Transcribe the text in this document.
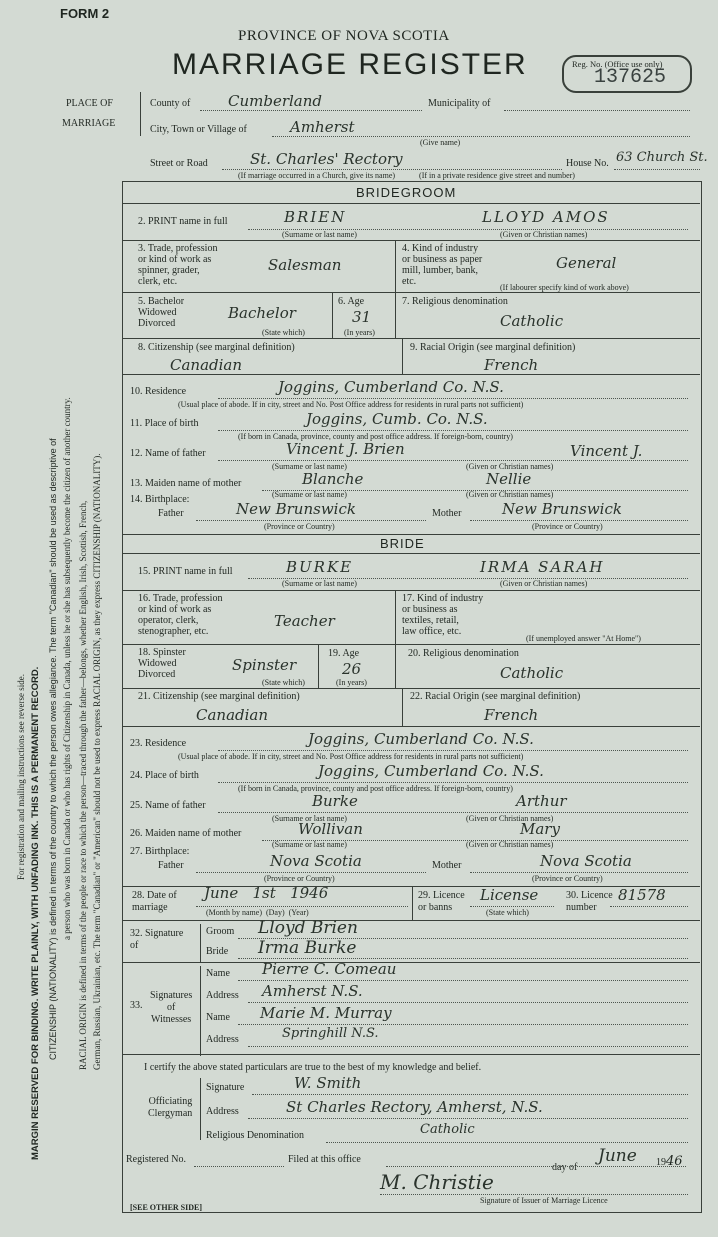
FORM 2
PROVINCE OF NOVA SCOTIA
MARRIAGE REGISTER	Reg. No. (Office use only)
137625
For registration and mailing instructions see reverse side. MARGIN RESERVED FOR BINDING. WRITE PLAINLY, WITH UNFADING INK. THIS IS A PERMANENT RECORD. CITIZENSHIP (NATIONALITY) is defined in terms of the country to which the person owes allegiance. The term "Canadian" should be used as descriptive of a person who was born in Canada or who has rights of Citizenship in Canada, unless he or she has subsequently become the citizen of another country. RACIAL ORIGIN is defined in terms of the people or race to which the person—traced through the father—belongs, whether English, Irish, Scottish, French, German, Russian, Ukrainian, etc. The term "Canadian" or "American" should not be used to express RACIAL ORIGIN, as they express CITIZENSHIP (NATIONALITY).
PLACE OF
MARRIAGE
County of	Cumberland	Municipality of
City, Town or Village of	Amherst
(Give name)
Street or Road	St. Charles' Rectory	House No. 63 Church St.
(If marriage occurred in a Church, give its name)            (If in a private residence give street and number)
BRIDEGROOM
2. PRINT name in full	BRIEN	LLOYD AMOS
(Surname or last name)	(Given or Christian names)
3. Trade, profession
or kind of work as
spinner, grader,
clerk, etc.
Salesman
4. Kind of industry
or business as paper
mill, lumber, bank,
etc.
General
(If labourer specify kind of work above)
5. Bachelor
Widowed
Divorced
Bachelor
(State which)
6. Age
31
(In years)
7. Religious denomination
Catholic
8. Citizenship (see marginal definition)
Canadian
9. Racial Origin (see marginal definition)
French
10. Residence	Joggins, Cumberland Co. N.S.
(Usual place of abode. If in city, street and No. Post Office address for residents in rural parts not sufficient)
11. Place of birth	Joggins, Cumb. Co. N.S.
(If born in Canada, province, county and post office address. If foreign-born, country)
12. Name of father	Vincent J. Brien	Vincent J.
(Surname or last name)	(Given or Christian names)
13. Maiden name of mother	Blanche	Nellie
(Surname or last name)	(Given or Christian names)
14. Birthplace:
Father	New Brunswick	Mother	New Brunswick
(Province or Country)	(Province or Country)
BRIDE
15. PRINT name in full	BURKE	IRMA SARAH
(Surname or last name)	(Given or Christian names)
16. Trade, profession
or kind of work as
operator, clerk,
stenographer, etc.
Teacher
17. Kind of industry
or business as
textiles, retail,
law office, etc.
(If unemployed answer "At Home")
18. Spinster
Widowed
Divorced
Spinster
(State which)
19. Age
26
(In years)
20. Religious denomination
Catholic
21. Citizenship (see marginal definition)
Canadian
22. Racial Origin (see marginal definition)
French
23. Residence	Joggins, Cumberland Co. N.S.
(Usual place of abode. If in city, street and No. Post Office address for residents in rural parts not sufficient)
24. Place of birth	Joggins, Cumberland Co. N.S.
(If born in Canada, province, county and post office address. If foreign-born, country)
25. Name of father	Burke	Arthur
(Surname or last name)	(Given or Christian names)
26. Maiden name of mother	Wollivan	Mary
(Surname or last name)	(Given or Christian names)
27. Birthplace:
Father	Nova Scotia	Mother	Nova Scotia
(Province or Country)	(Province or Country)
28. Date of
marriage
June   1st   1946
(Month by name)  (Day)  (Year)
29. Licence
or banns
License
(State which)
30. Licence
number
81578
32. Signature
of
Groom Lloyd Brien
Bride Irma Burke
33.
Signatures
of
Witnesses
Name Pierre C. Comeau
Address Amherst N.S.
Name Marie M. Murray
Address	Springhill N.S.
I certify the above stated particulars are true to the best of my knowledge and belief.
Officiating
Clergyman
Signature	W. Smith
Address	St Charles Rectory, Amherst, N.S.
Religious Denomination	Catholic
Registered No.	Filed at this office
day of
June 1946
M. Christie
Signature of Issuer of Marriage Licence
[SEE OTHER SIDE]
